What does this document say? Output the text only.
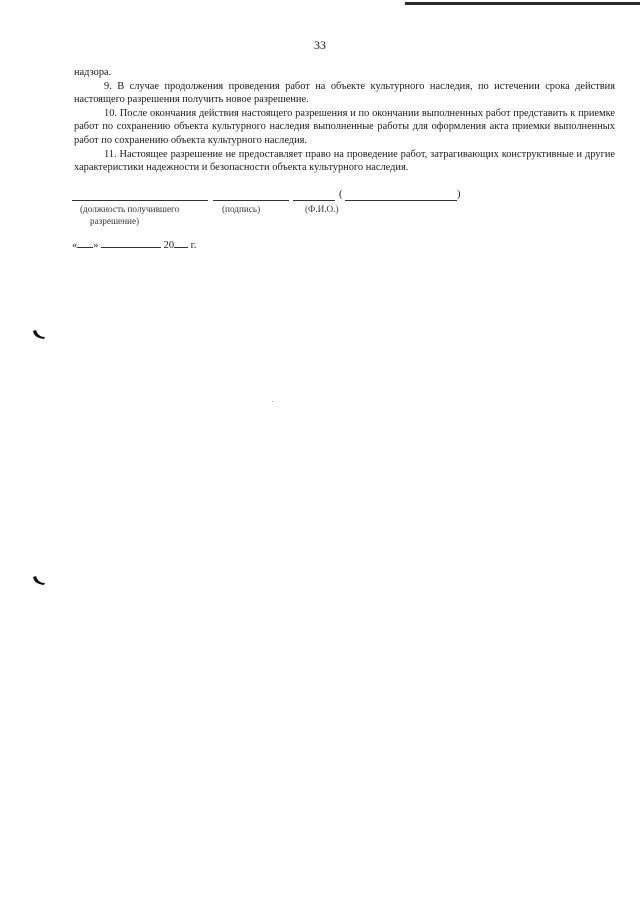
33

надзора.

9. В случае продолжения проведения работ на объекте культурного наследия, по истечении срока действия настоящего разрешения получить новое разрешение.

10. После окончания действия настоящего разрешения и по окончании выполненных работ представить к приемке работ по сохранению объекта культурного наследия выполненные работы для оформления акта приемки выполненных работ по сохранению объекта культурного наследия.

11. Настоящее разрешение не предоставляет право на проведение работ, затрагивающих конструктивные и другие характеристики надежности и безопасности объекта культурного наследия.

(	)
(должность получившего
разрешение)
(подпись)	(Ф.И.О.)
« »	20 г.
